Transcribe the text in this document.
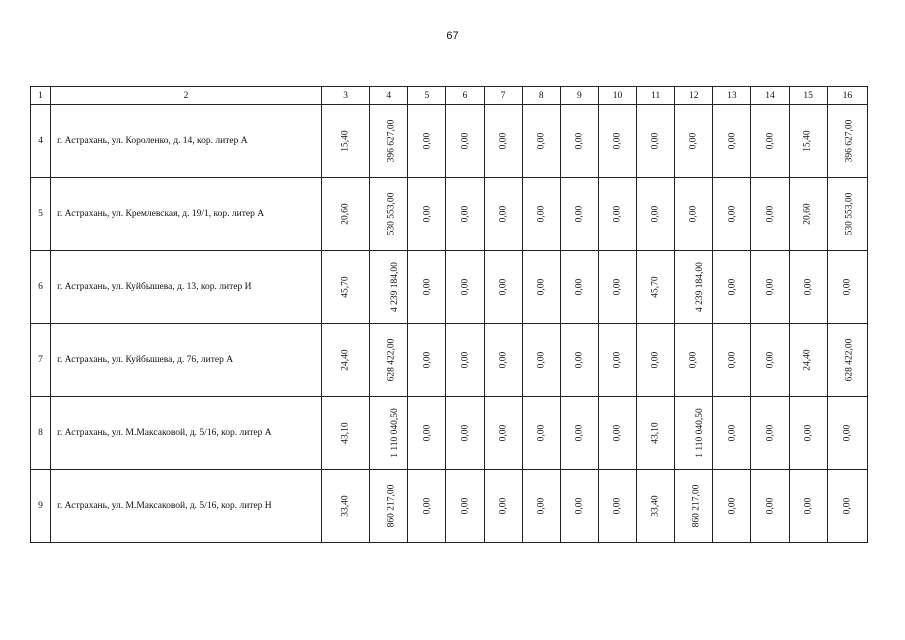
67
1	2	3	4	5	6	7	8	9	10	11	12	13	14	15	16
4	г. Астрахань, ул. Короленко, д. 14, кор. литер А	15,40	396 627,00	0,00	0,00	0,00	0,00	0,00	0,00	0,00	0,00	0,00	0,00	15,40	396 627,00
5	г. Астрахань, ул. Кремлевская, д. 19/1, кор. литер А	20,60	530 553,00	0,00	0,00	0,00	0,00	0,00	0,00	0,00	0,00	0,00	0,00	20,60	530 553,00
6	г. Астрахань, ул. Куйбышева, д. 13, кор. литер И	45,70	4 239 184,00	0,00	0,00	0,00	0,00	0,00	0,00	45,70	4 239 184,00	0,00	0,00	0,00	0,00
7	г. Астрахань, ул. Куйбышева, д. 76, литер А	24,40	628 422,00	0,00	0,00	0,00	0,00	0,00	0,00	0,00	0,00	0,00	0,00	24,40	628 422,00
8	г. Астрахань, ул. М.Максаковой, д. 5/16, кор. литер А	43,10	1 110 040,50	0,00	0,00	0,00	0,00	0,00	0,00	43,10	1 110 040,50	0,00	0,00	0,00	0,00
9	г. Астрахань, ул. М.Максаковой, д. 5/16, кор. литер Н	33,40	860 217,00	0,00	0,00	0,00	0,00	0,00	0,00	33,40	860 217,00	0,00	0,00	0,00	0,00
